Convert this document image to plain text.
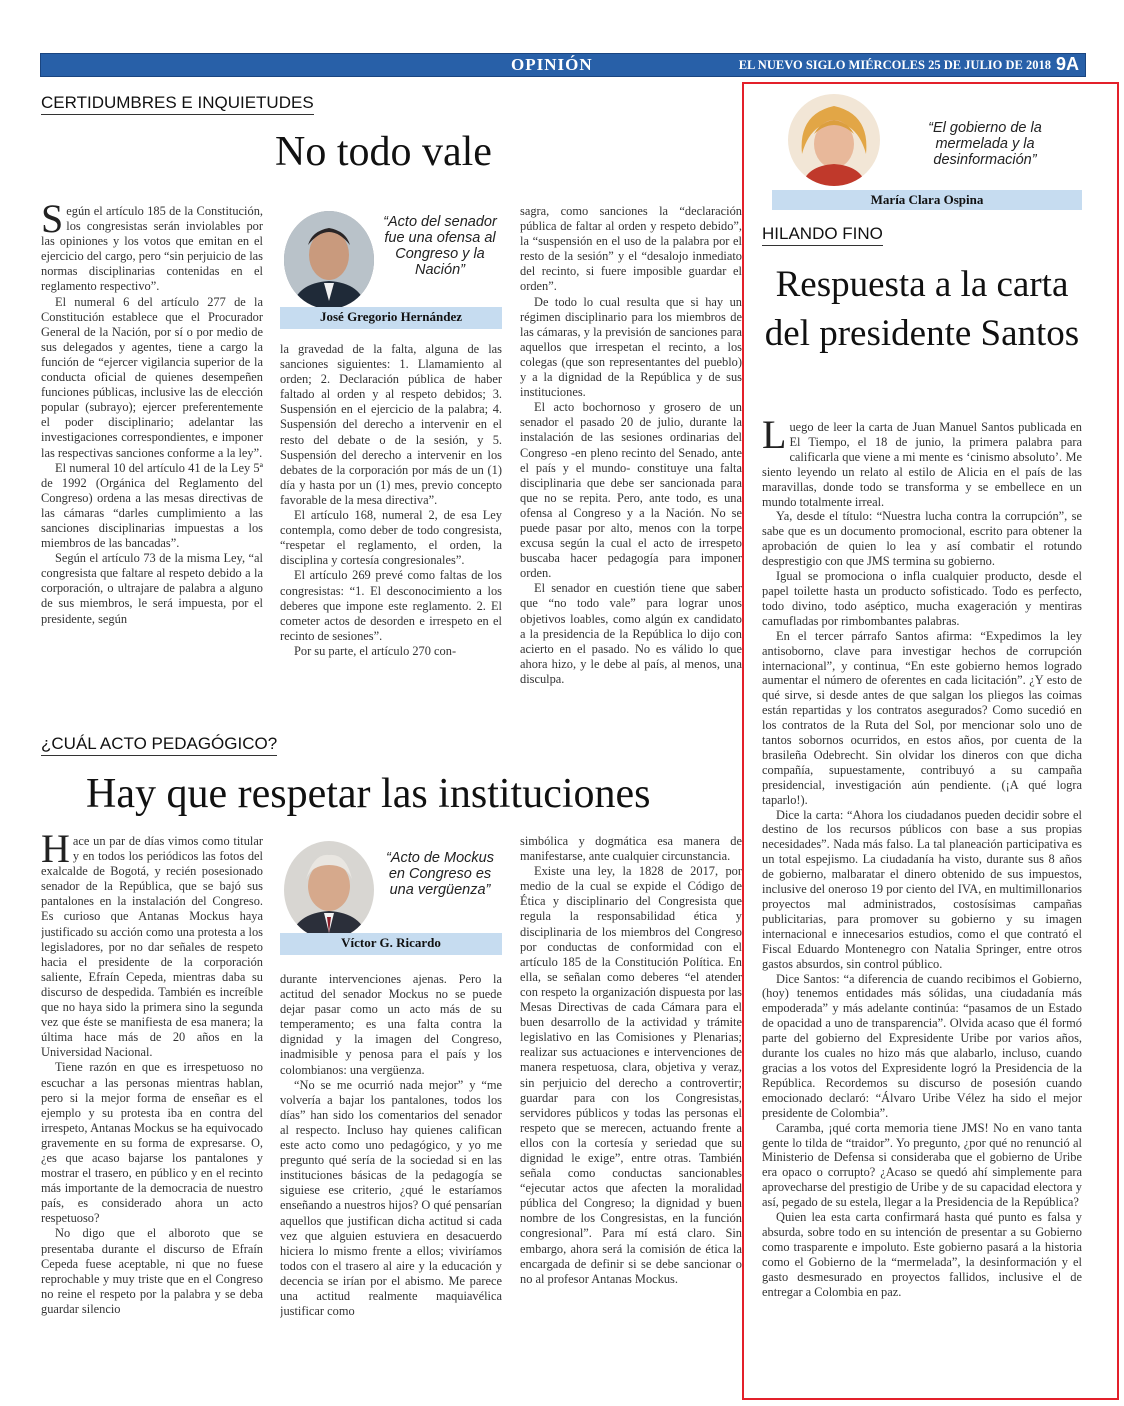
OPINIÓN	EL NUEVO SIGLO MIÉRCOLES 25 DE JULIO DE 2018 9A
CERTIDUMBRES E INQUIETUDES
No todo vale
S egún el artículo 185 de la Constitución, los congresistas serán inviolables por las opiniones y los votos que emitan en el ejercicio del cargo, pero “sin perjuicio de las normas disciplinarias contenidas en el reglamento respectivo”.

El numeral 6 del artículo 277 de la Constitución establece que el Procurador General de la Nación, por sí o por medio de sus delegados y agentes, tiene a cargo la función de “ejercer vigilancia superior de la conducta oficial de quienes desempeñen funciones públicas, inclusive las de elección popular (subrayo); ejercer preferentemente el poder disciplinario; adelantar las investigaciones correspondientes, e imponer las respectivas sanciones conforme a la ley”.

El numeral 10 del artículo 41 de la Ley 5ª de 1992 (Orgánica del Reglamento del Congreso) ordena a las mesas directivas de las cámaras “darles cumplimiento a las sanciones disciplinarias impuestas a los miembros de las bancadas”.

Según el artículo 73 de la misma Ley, “al congresista que faltare al respeto debido a la corporación, o ultrajare de palabra a alguno de sus miembros, le será impuesta, por el presidente, según

“Acto del senador fue una ofensa al Congreso y la Nación”
José Gregorio Hernández

la gravedad de la falta, alguna de las sanciones siguientes: 1. Llamamiento al orden; 2. Declaración pública de haber faltado al orden y al respeto debidos; 3. Suspensión en el ejercicio de la palabra; 4. Suspensión del derecho a intervenir en el resto del debate o de la sesión, y 5. Suspensión del derecho a intervenir en los debates de la corporación por más de un (1) día y hasta por un (1) mes, previo concepto favorable de la mesa directiva”.

El artículo 168, numeral 2, de esa Ley contempla, como deber de todo congresista, “respetar el reglamento, el orden, la disciplina y cortesía congresionales”.

El artículo 269 prevé como faltas de los congresistas: “1. El desconocimiento a los deberes que impone este reglamento. 2. El cometer actos de desorden e irrespeto en el recinto de sesiones”.

Por su parte, el artículo 270 con-

sagra, como sanciones la “declaración pública de faltar al orden y respeto debido”, la “suspensión en el uso de la palabra por el resto de la sesión” y el “desalojo inmediato del recinto, si fuere imposible guardar el orden”.

De todo lo cual resulta que si hay un régimen disciplinario para los miembros de las cámaras, y la previsión de sanciones para aquellos que irrespetan el recinto, a los colegas (que son representantes del pueblo) y a la dignidad de la República y de sus instituciones.

El acto bochornoso y grosero de un senador el pasado 20 de julio, durante la instalación de las sesiones ordinarias del Congreso -en pleno recinto del Senado, ante el país y el mundo- constituye una falta disciplinaria que debe ser sancionada para que no se repita. Pero, ante todo, es una ofensa al Congreso y a la Nación. No se puede pasar por alto, menos con la torpe excusa según la cual el acto de irrespeto buscaba hacer pedagogía para imponer orden.

El senador en cuestión tiene que saber que “no todo vale” para lograr unos objetivos loables, como algún ex candidato a la presidencia de la República lo dijo con acierto en el pasado. No es válido lo que ahora hizo, y le debe al país, al menos, una disculpa.

¿CUÁL ACTO PEDAGÓGICO?
Hay que respetar las instituciones
H ace un par de días vimos como titular y en todos los periódicos las fotos del exalcalde de Bogotá, y recién posesionado senador de la República, que se bajó sus pantalones en la instalación del Congreso. Es curioso que Antanas Mockus haya justificado su acción como una protesta a los legisladores, por no dar señales de respeto hacia el presidente de la corporación saliente, Efraín Cepeda, mientras daba su discurso de despedida. También es increíble que no haya sido la primera sino la segunda vez que éste se manifiesta de esa manera; la última hace más de 20 años en la Universidad Nacional.

Tiene razón en que es irrespetuoso no escuchar a las personas mientras hablan, pero si la mejor forma de enseñar es el ejemplo y su protesta iba en contra del irrespeto, Antanas Mockus se ha equivocado gravemente en su forma de expresarse. O, ¿es que acaso bajarse los pantalones y mostrar el trasero, en público y en el recinto más importante de la democracia de nuestro país, es considerado ahora un acto respetuoso?

No digo que el alboroto que se presentaba durante el discurso de Efraín Cepeda fuese aceptable, ni que no fuese reprochable y muy triste que en el Congreso no reine el respeto por la palabra y se deba guardar silencio

“Acto de Mockus en Congreso es una vergüenza”
Víctor G. Ricardo

durante intervenciones ajenas. Pero la actitud del senador Mockus no se puede dejar pasar como un acto más de su temperamento; es una falta contra la dignidad y la imagen del Congreso, inadmisible y penosa para el país y los colombianos: una vergüenza.

“No se me ocurrió nada mejor” y “me volvería a bajar los pantalones, todos los días” han sido los comentarios del senador al respecto. Incluso hay quienes califican este acto como uno pedagógico, y yo me pregunto qué sería de la sociedad si en las instituciones básicas de la pedagogía se siguiese ese criterio, ¿qué le estaríamos enseñando a nuestros hijos? O qué pensarían aquellos que justifican dicha actitud si cada vez que alguien estuviera en desacuerdo hiciera lo mismo frente a ellos; viviríamos todos con el trasero al aire y la educación y decencia se irían por el abismo. Me parece una actitud realmente maquiavélica justificar como

simbólica y dogmática esa manera de manifestarse, ante cualquier circunstancia.

Existe una ley, la 1828 de 2017, por medio de la cual se expide el Código de Ética y disciplinario del Congresista que regula la responsabilidad ética y disciplinaria de los miembros del Congreso por conductas de conformidad con el artículo 185 de la Constitución Política. En ella, se señalan como deberes “el atender con respeto la organización dispuesta por las Mesas Directivas de cada Cámara para el buen desarrollo de la actividad y trámite legislativo en las Comisiones y Plenarias; realizar sus actuaciones e intervenciones de manera respetuosa, clara, objetiva y veraz, sin perjuicio del derecho a controvertir; guardar para con los Congresistas, servidores públicos y todas las personas el respeto que se merecen, actuando frente a ellos con la cortesía y seriedad que su dignidad le exige”, entre otras. También señala como conductas sancionables “ejecutar actos que afecten la moralidad pública del Congreso; la dignidad y buen nombre de los Congresistas, en la función congresional”. Para mí está claro. Sin embargo, ahora será la comisión de ética la encargada de definir si se debe sancionar o no al profesor Antanas Mockus.

“El gobierno de la mermelada y la desinformación”
María Clara Ospina
HILANDO FINO
Respuesta a la carta del presidente Santos
L uego de leer la carta de Juan Manuel Santos publicada en El Tiempo, el 18 de junio, la primera palabra para calificarla que viene a mi mente es ‘cinismo absoluto’. Me siento leyendo un relato al estilo de Alicia en el país de las maravillas, donde todo se transforma y se embellece en un mundo totalmente irreal.

Ya, desde el título: “Nuestra lucha contra la corrupción”, se sabe que es un documento promocional, escrito para obtener la aprobación de quien lo lea y así combatir el rotundo desprestigio con que JMS termina su gobierno.

Igual se promociona o infla cualquier producto, desde el papel toilette hasta un producto sofisticado. Todo es perfecto, todo divino, todo aséptico, mucha exageración y mentiras camufladas por rimbombantes palabras.

En el tercer párrafo Santos afirma: “Expedimos la ley antisoborno, clave para investigar hechos de corrupción internacional”, y continua, “En este gobierno hemos logrado aumentar el número de oferentes en cada licitación”. ¿Y esto de qué sirve, si desde antes de que salgan los pliegos las coimas están repartidas y los contratos asegurados? Como sucedió en los contratos de la Ruta del Sol, por mencionar solo uno de tantos sobornos ocurridos, en estos años, por cuenta de la brasileña Odebrecht. Sin olvidar los dineros con que dicha compañía, supuestamente, contribuyó a su campaña presidencial, investigación aún pendiente. (¡A qué logra taparlo!).

Dice la carta: “Ahora los ciudadanos pueden decidir sobre el destino de los recursos públicos con base a sus propias necesidades”. Nada más falso. La tal planeación participativa es un total espejismo. La ciudadanía ha visto, durante sus 8 años de gobierno, malbaratar el dinero obtenido de sus impuestos, inclusive del oneroso 19 por ciento del IVA, en multimillonarios proyectos mal administrados, costosísimas campañas publicitarias, para promover su gobierno y su imagen internacional e innecesarios estudios, como el que contrató el Fiscal Eduardo Montenegro con Natalia Springer, entre otros gastos absurdos, sin control público.

Dice Santos: “a diferencia de cuando recibimos el Gobierno, (hoy) tenemos entidades más sólidas, una ciudadanía más empoderada” y más adelante continúa: “pasamos de un Estado de opacidad a uno de transparencia”. Olvida acaso que él formó parte del gobierno del Expresidente Uribe por varios años, durante los cuales no hizo más que alabarlo, incluso, cuando gracias a los votos del Expresidente logró la Presidencia de la República. Recordemos su discurso de posesión cuando emocionado declaró: “Álvaro Uribe Vélez ha sido el mejor presidente de Colombia”.

Caramba, ¡qué corta memoria tiene JMS! No en vano tanta gente lo tilda de “traidor”. Yo pregunto, ¿por qué no renunció al Ministerio de Defensa si consideraba que el gobierno de Uribe era opaco o corrupto? ¿Acaso se quedó ahí simplemente para aprovecharse del prestigio de Uribe y de su capacidad electora y así, pegado de su estela, llegar a la Presidencia de la República?

Quien lea esta carta confirmará hasta qué punto es falsa y absurda, sobre todo en su intención de presentar a su Gobierno como trasparente e impoluto. Este gobierno pasará a la historia como el Gobierno de la “mermelada”, la desinformación y el gasto desmesurado en proyectos fallidos, inclusive el de entregar a Colombia en paz.
